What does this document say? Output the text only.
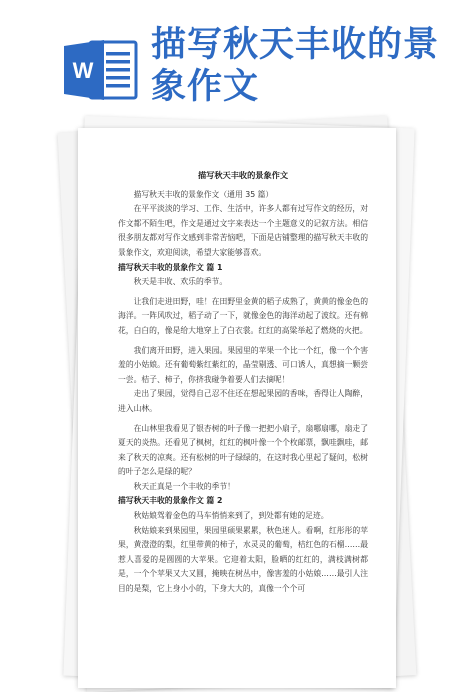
W
描写秋天丰收的景
象作文

描写秋天丰收的景象作文

描写秋天丰收的景象作文（通用 35 篇）

在平平淡淡的学习、工作、生活中，许多人都有过写作文的经历，对作文都不陌生吧，作文是通过文字来表达一个主题意义的记叙方法。相信很多朋友都对写作文感到非常苦恼吧，下面是店铺整理的描写秋天丰收的景象作文，欢迎阅读，希望大家能够喜欢。

描写秋天丰收的景象作文 篇 1

秋天是丰收、欢乐的季节。

让我们走进田野，哇！在田野里金黄的稻子成熟了，黄黄的像金色的海洋。一阵风吹过，稻子动了一下，就像金色的海洋动起了波纹。还有棉花，白白的，像是给大地穿上了白衣裳。红红的高粱举起了燃烧的火把。

我们离开田野，进入果园。果园里的苹果一个比一个红，像一个个害羞的小姑娘。还有葡萄紫红紫红的，晶莹剔透、可口诱人，真想摘一颗尝一尝。桔子、柿子，你挤我碰争着要人们去摘呢！

走出了果园，觉得自己忍不住还在想起果园的香味，香得让人陶醉，进入山林。

在山林里我看见了银杏树的叶子像一把把小扇子，扇哪扇哪，扇走了夏天的炎热。还看见了枫树，红红的枫叶像一个个枚邮票，飘哇飘哇，邮来了秋天的凉爽。还有松树的叶子绿绿的，在这时我心里起了疑问，松树的叶子怎么是绿的呢？

秋天正真是一个丰收的季节！

描写秋天丰收的景象作文 篇 2

秋姑娘驾着金色的马车悄悄来到了，到处都有她的足迹。

秋姑娘来到果园里，果园里硕果累累，秋色迷人。看啊，红彤彤的苹果，黄澄澄的梨，红里带黄的柿子，水灵灵的葡萄，桔红色的石榴……最惹人喜爱的是圆圆的大苹果。它迎着太阳，脸晒的红红的，满枝满树都是，一个个苹果又大又圆，掩映在树丛中，像害羞的小姑娘……最引人注目的是梨，它上身小小的，下身大大的，真像一个个可
